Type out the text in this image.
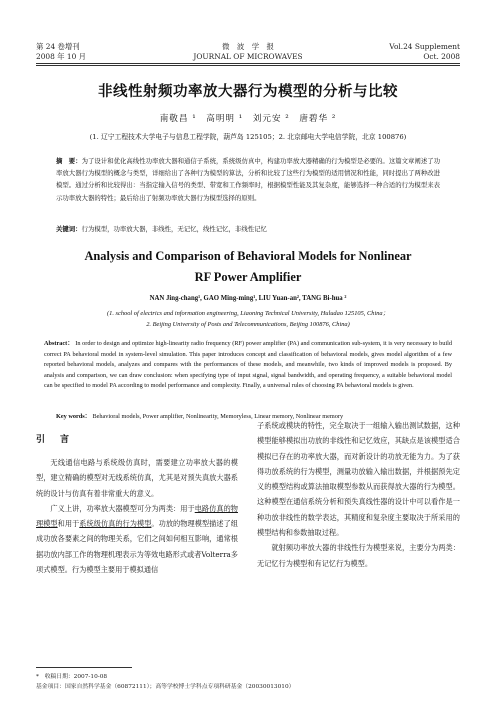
第 24 卷增刊
2008 年 10 月
微　波　学　报
JOURNAL OF MICROWAVES
Vol.24 Supplement
Oct. 2008
非线性射频功率放大器行为模型的分析与比较
南敬昌 ¹　高明明 ¹　刘元安 ²　唐碧华 ²
(1. 辽宁工程技术大学电子与信息工程学院，葫芦岛 125105；2. 北京邮电大学电信学院，北京 100876)
摘　要：为了设计和优化高线性功率放大器和通信子系统，系统级仿真中，构建功率放大器精确的行为模型是必要的。这篇文章阐述了功率放大器行为模型的概念与类型，详细给出了各种行为模型的算法，分析和比较了这些行为模型的适用情况和性能，同时提出了两种改进模型。通过分析和比较得出：当指定输入信号的类型、带宽和工作频率时，根据模型性能及其复杂度，能够选择一种合适的行为模型来表示功率放大器的特性；最后给出了射频功率放大器行为模型选择的原则。
关键词：行为模型，功率放大器，非线性，无记忆，线性记忆，非线性记忆
Analysis and Comparison of Behavioral Models for Nonlinear
RF Power Amplifier
NAN Jing-chang¹, GAO Ming-ming¹, LIU Yuan-an², TANG Bi-hua ²
(1. school of electrics and information engineering, Liaoning Technical University, Huludao 125105, China；
2. Beijing University of Posts and Telecommunications, Beijing 100876, China)
Abstract： In order to design and optimize high-linearity radio frequency (RF) power amplifier (PA) and communication sub-system, it is very necessary to build correct PA behavioral model in system-level simulation. This paper introduces concept and classification of behavioral models, gives model algorithm of a few reported behavioral models, analyzes and compares with the performances of these models, and meanwhile, two kinds of improved models is proposed. By analysis and comparison, we can draw conclusion: when specifying type of input signal, signal bandwidth, and operating frequency, a suitable behavioral model can be specified to model PA according to model performance and complexity. Finally, a universal rules of choosing PA behavioral models is given.
Key words： Behavioral models, Power amplifier, Nonlinearity, Memoryless, Linear memory, Nonlinear memory
引　言

无线通信电路与系统级仿真时，需要建立功率放大器的模型，建立精确的模型对无线系统仿真，尤其是对预失真放大器系统的设计与仿真有着非常重大的意义。

广义上讲，功率放大器模型可分为两类：用于电路仿真的物理模型和用于系统级仿真的行为模型。功放的物理模型描述了组成功放各要素之间的物理关系，它们之间如何相互影响，通常根据功放内部工作的物理机理表示为等效电路形式或者Volterra多项式模型。行为模型主要用于模拟通信

子系统或模块的特性，完全取决于一组输入输出测试数据，这种模型能够模拟出功放的非线性和记忆效应，其缺点是该模型适合模拟已存在的功率放大器，而对新设计的功放无能为力。为了获得功放系统的行为模型，测量功放输入输出数据，并根据预先定义的模型结构或算法抽取模型参数从而获得放大器的行为模型。这种模型在通信系统分析和预失真线性器的设计中可以看作是一种功放非线性的数学表达，其精度和复杂度主要取决于所采用的模型结构和参数抽取过程。

就射频功率放大器的非线性行为模型来说，主要分为两类：无记忆行为模型和有记忆行为模型。

*　收稿日期：2007-10-08
基金项目：国家自然科学基金（60872111）；高等学校博士学科点专项科研基金（20030013010）
